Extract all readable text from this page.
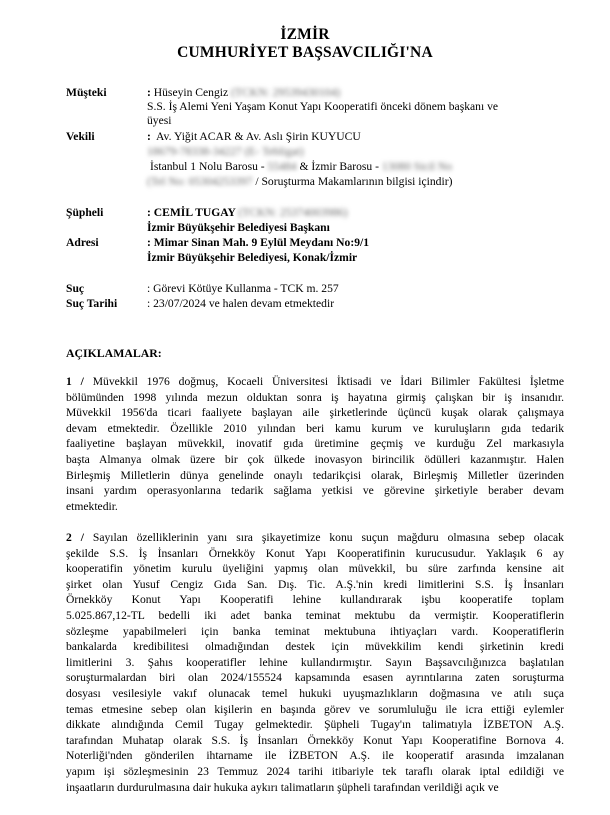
İZMİR
CUMHURİYET BAŞSAVCILIĞI'NA
Müşteki	: Hüseyin Cengiz (TCKN: 29539430104)
S.S. İş Alemi Yeni Yaşam Konut Yapı Kooperatifi önceki dönem başkanı ve
üyesi
Vekili	: Av. Yiğit ACAR & Av. Aslı Şirin KUYUCU
18679-78338-34227 (E- Tebligat)
İstanbul 1 Nolu Barosu - 55484 & İzmir Barosu - 13080 Sicil No
(Tel No: 05304253397 / Soruşturma Makamlarının bilgisi içindir)
Şüpheli	: CEMİL TUGAY (TCKN: 25374003986)
İzmir Büyükşehir Belediyesi Başkanı
Adresi	: Mimar Sinan Mah. 9 Eylül Meydanı No:9/1
İzmir Büyükşehir Belediyesi, Konak/İzmir
Suç	: Görevi Kötüye Kullanma - TCK m. 257
Suç Tarihi	: 23/07/2024 ve halen devam etmektedir
AÇIKLAMALAR:
1 / Müvekkil 1976 doğmuş, Kocaeli Üniversitesi İktisadi ve İdari Bilimler Fakültesi İşletme
bölümünden 1998 yılında mezun olduktan sonra iş hayatına girmiş çalışkan bir iş insanıdır.
Müvekkil 1956'da ticari faaliyete başlayan aile şirketlerinde üçüncü kuşak olarak çalışmaya
devam etmektedir. Özellikle 2010 yılından beri kamu kurum ve kuruluşların gıda tedarik
faaliyetine başlayan müvekkil, inovatif gıda üretimine geçmiş ve kurduğu Zel markasıyla
başta Almanya olmak üzere bir çok ülkede inovasyon birincilik ödülleri kazanmıştır. Halen
Birleşmiş Milletlerin dünya genelinde onaylı tedarikçisi olarak, Birleşmiş Milletler üzerinden
insani yardım operasyonlarına tedarik sağlama yetkisi ve görevine şirketiyle beraber devam
etmektedir.
2 / Sayılan özelliklerinin yanı sıra şikayetimize konu suçun mağduru olmasına sebep olacak
şekilde S.S. İş İnsanları Örnekköy Konut Yapı Kooperatifinin kurucusudur. Yaklaşık 6 ay
kooperatifin yönetim kurulu üyeliğini yapmış olan müvekkil, bu süre zarfında kensine ait
şirket olan Yusuf Cengiz Gıda San. Dış. Tic. A.Ş.'nin kredi limitlerini S.S. İş İnsanları
Örnekköy Konut Yapı Kooperatifi lehine kullandırarak işbu kooperatife toplam
5.025.867,12-TL bedelli iki adet banka teminat mektubu da vermiştir. Kooperatiflerin
sözleşme yapabilmeleri için banka teminat mektubuna ihtiyaçları vardı. Kooperatiflerin
bankalarda kredibilitesi olmadığından destek için müvekkilim kendi şirketinin kredi
limitlerini 3. Şahıs kooperatifler lehine kullandırmıştır. Sayın Başsavcılığınızca başlatılan
soruşturmalardan biri olan 2024/155524 kapsamında esasen ayrıntılarına zaten soruşturma
dosyası vesilesiyle vakıf olunacak temel hukuki uyuşmazlıkların doğmasına ve atılı suça
temas etmesine sebep olan kişilerin en başında görev ve sorumluluğu ile icra ettiği eylemler
dikkate alındığında Cemil Tugay gelmektedir. Şüpheli Tugay'ın talimatıyla İZBETON A.Ş.
tarafından Muhatap olarak S.S. İş İnsanları Örnekköy Konut Yapı Kooperatifine Bornova 4.
Noterliği'nden gönderilen ihtarname ile İZBETON A.Ş. ile kooperatif arasında imzalanan
yapım işi sözleşmesinin 23 Temmuz 2024 tarihi itibariyle tek taraflı olarak iptal edildiği ve
inşaatların durdurulmasına dair hukuka aykırı talimatların şüpheli tarafından verildiği açık ve
